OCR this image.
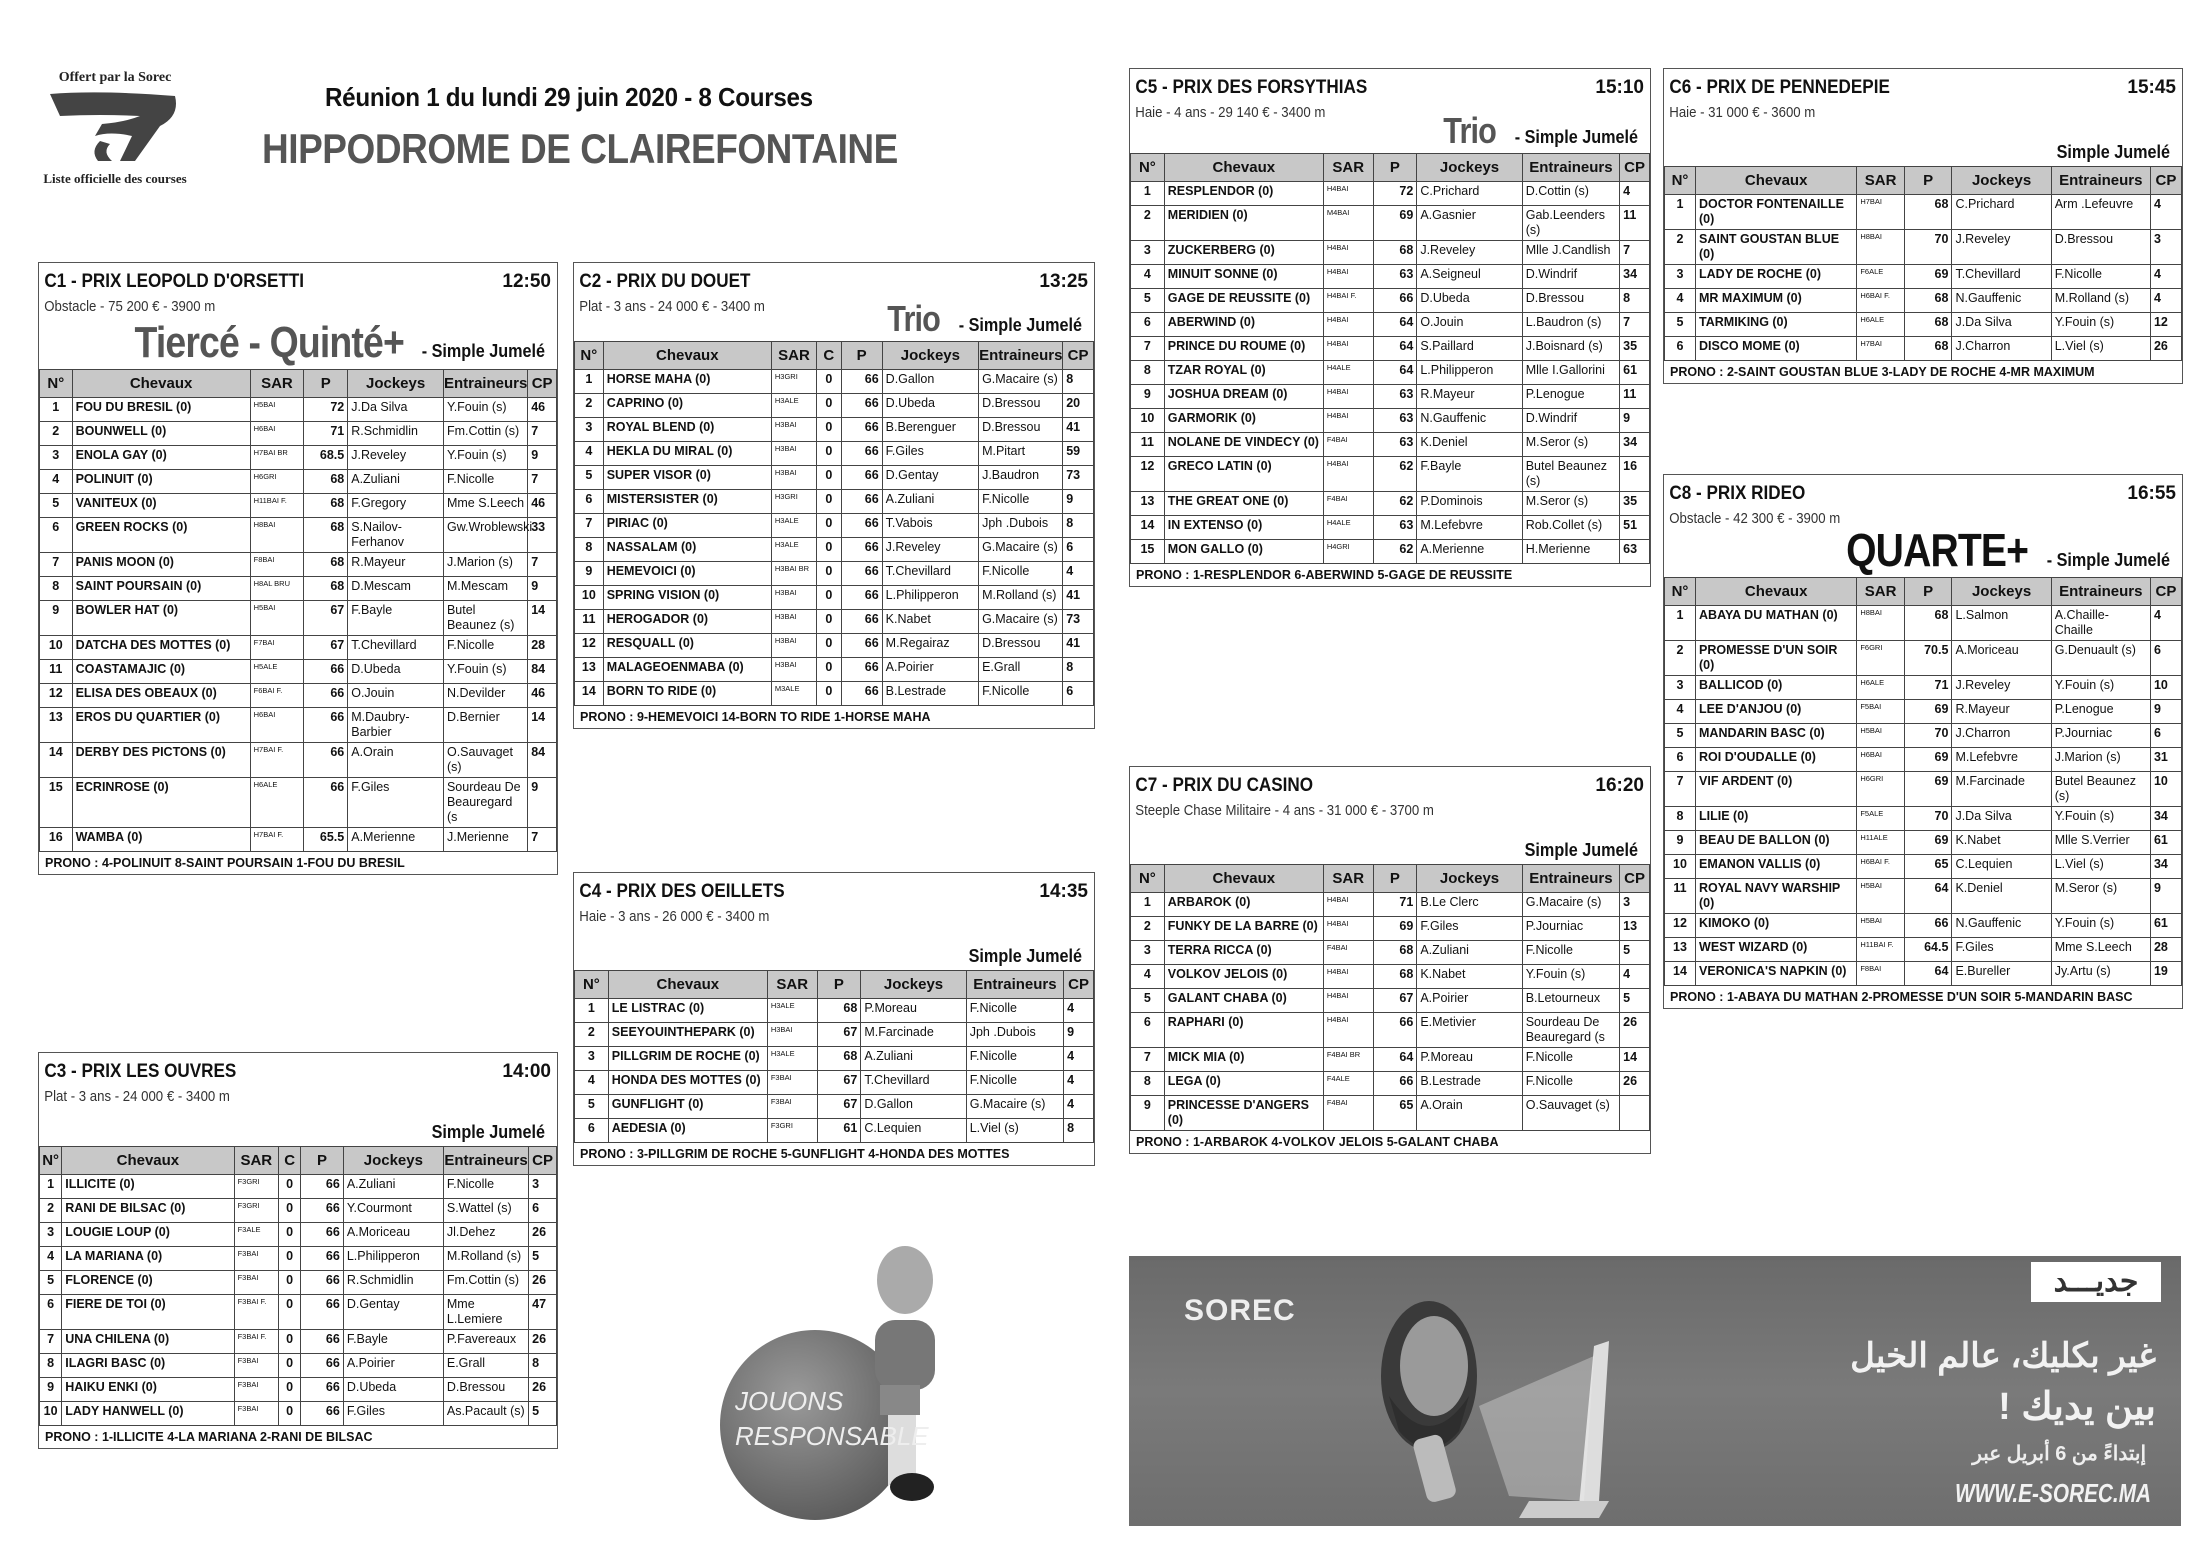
Offert par la Sorec
Liste officielle des courses
Réunion 1 du lundi 29 juin 2020 - 8 Courses
HIPPODROME DE CLAIREFONTAINE
C1 - PRIX LEOPOLD D'ORSETTI	12:50
Obstacle - 75 200 € - 3900 m
Tiercé - Quinté+ - Simple Jumelé
N°	Chevaux	SAR	P	Jockeys	Entraineurs	CP
1	FOU DU BRESIL (0)	H5BAI	72	J.Da Silva	Y.Fouin (s)	46
2	BOUNWELL (0)	H6BAI	71	R.Schmidlin	Fm.Cottin (s)	7
3	ENOLA GAY (0)	H7BAI BR	68.5	J.Reveley	Y.Fouin (s)	9
4	POLINUIT (0)	H6GRI	68	A.Zuliani	F.Nicolle	7
5	VANITEUX (0)	H11BAI F.	68	F.Gregory	Mme S.Leech	46
6	GREEN ROCKS (0)	H8BAI	68	S.Nailov-Ferhanov	Gw.Wroblewski	33
7	PANIS MOON (0)	F8BAI	68	R.Mayeur	J.Marion (s)	7
8	SAINT POURSAIN (0)	H8AL BRU	68	D.Mescam	M.Mescam	9
9	BOWLER HAT (0)	H5BAI	67	F.Bayle	Butel Beaunez (s)	14
10	DATCHA DES MOTTES (0)	F7BAI	67	T.Chevillard	F.Nicolle	28
11	COASTAMAJIC (0)	H5ALE	66	D.Ubeda	Y.Fouin (s)	84
12	ELISA DES OBEAUX (0)	F6BAI F.	66	O.Jouin	N.Devilder	46
13	EROS DU QUARTIER (0)	H6BAI	66	M.Daubry-Barbier	D.Bernier	14
14	DERBY DES PICTONS (0)	H7BAI F.	66	A.Orain	O.Sauvaget (s)	84
15	ECRINROSE (0)	H6ALE	66	F.Giles	Sourdeau De Beauregard (s	9
16	WAMBA (0)	H7BAI F.	65.5	A.Merienne	J.Merienne	7
PRONO : 4-POLINUIT 8-SAINT POURSAIN 1-FOU DU BRESIL
C2 - PRIX DU DOUET	13:25
Plat - 3 ans - 24 000 € - 3400 m	Trio - Simple Jumelé
N°	Chevaux	SAR	C	P	Jockeys	Entraineurs	CP
1	HORSE MAHA (0)	H3GRI	0	66	D.Gallon	G.Macaire (s)	8
2	CAPRINO (0)	H3ALE	0	66	D.Ubeda	D.Bressou	20
3	ROYAL BLEND (0)	H3BAI	0	66	B.Berenguer	D.Bressou	41
4	HEKLA DU MIRAL (0)	H3BAI	0	66	F.Giles	M.Pitart	59
5	SUPER VISOR (0)	H3BAI	0	66	D.Gentay	J.Baudron	73
6	MISTERSISTER (0)	H3GRI	0	66	A.Zuliani	F.Nicolle	9
7	PIRIAC (0)	H3ALE	0	66	T.Vabois	Jph .Dubois	8
8	NASSALAM (0)	H3ALE	0	66	J.Reveley	G.Macaire (s)	6
9	HEMEVOICI (0)	H3BAI BR	0	66	T.Chevillard	F.Nicolle	4
10	SPRING VISION (0)	H3BAI	0	66	L.Philipperon	M.Rolland (s)	41
11	HEROGADOR (0)	H3BAI	0	66	K.Nabet	G.Macaire (s)	73
12	RESQUALL (0)	H3BAI	0	66	M.Regairaz	D.Bressou	41
13	MALAGEOENMABA (0)	H3BAI	0	66	A.Poirier	E.Grall	8
14	BORN TO RIDE (0)	M3ALE	0	66	B.Lestrade	F.Nicolle	6
PRONO : 9-HEMEVOICI 14-BORN TO RIDE 1-HORSE MAHA
C3 - PRIX LES OUVRES	14:00
Plat - 3 ans - 24 000 € - 3400 m
Simple Jumelé
N°	Chevaux	SAR	C	P	Jockeys	Entraineurs	CP
1	ILLICITE (0)	F3GRI	0	66	A.Zuliani	F.Nicolle	3
2	RANI DE BILSAC (0)	F3GRI	0	66	Y.Courmont	S.Wattel (s)	6
3	LOUGIE LOUP (0)	F3ALE	0	66	A.Moriceau	Jl.Dehez	26
4	LA MARIANA (0)	F3BAI	0	66	L.Philipperon	M.Rolland (s)	5
5	FLORENCE (0)	F3BAI	0	66	R.Schmidlin	Fm.Cottin (s)	26
6	FIERE DE TOI (0)	F3BAI F.	0	66	D.Gentay	Mme L.Lemiere	47
7	UNA CHILENA (0)	F3BAI F.	0	66	F.Bayle	P.Favereaux	26
8	ILAGRI BASC (0)	F3BAI	0	66	A.Poirier	E.Grall	8
9	HAIKU ENKI (0)	F3BAI	0	66	D.Ubeda	D.Bressou	26
10	LADY HANWELL (0)	F3BAI	0	66	F.Giles	As.Pacault (s)	5
PRONO : 1-ILLICITE 4-LA MARIANA 2-RANI DE BILSAC
C4 - PRIX DES OEILLETS	14:35
Haie - 3 ans - 26 000 € - 3400 m
Simple Jumelé
N°	Chevaux	SAR	P	Jockeys	Entraineurs	CP
1	LE LISTRAC (0)	H3ALE	68	P.Moreau	F.Nicolle	4
2	SEEYOUINTHEPARK (0)	H3BAI	67	M.Farcinade	Jph .Dubois	9
3	PILLGRIM DE ROCHE (0)	H3ALE	68	A.Zuliani	F.Nicolle	4
4	HONDA DES MOTTES (0)	F3BAI	67	T.Chevillard	F.Nicolle	4
5	GUNFLIGHT (0)	F3BAI	67	D.Gallon	G.Macaire (s)	4
6	AEDESIA (0)	F3GRI	61	C.Lequien	L.Viel (s)	8
PRONO : 3-PILLGRIM DE ROCHE 5-GUNFLIGHT 4-HONDA DES MOTTES
C5 - PRIX DES FORSYTHIAS	15:10
Haie - 4 ans - 29 140 € - 3400 m	Trio - Simple Jumelé
N°	Chevaux	SAR	P	Jockeys	Entraineurs	CP
1	RESPLENDOR (0)	H4BAI	72	C.Prichard	D.Cottin (s)	4
2	MERIDIEN (0)	M4BAI	69	A.Gasnier	Gab.Leenders (s)	11
3	ZUCKERBERG (0)	H4BAI	68	J.Reveley	Mlle J.Candlish	7
4	MINUIT SONNE (0)	H4BAI	63	A.Seigneul	D.Windrif	34
5	GAGE DE REUSSITE (0)	H4BAI F.	66	D.Ubeda	D.Bressou	8
6	ABERWIND (0)	H4BAI	64	O.Jouin	L.Baudron (s)	7
7	PRINCE DU ROUME (0)	H4BAI	64	S.Paillard	J.Boisnard (s)	35
8	TZAR ROYAL (0)	H4ALE	64	L.Philipperon	Mlle I.Gallorini	61
9	JOSHUA DREAM (0)	H4BAI	63	R.Mayeur	P.Lenogue	11
10	GARMORIK (0)	H4BAI	63	N.Gauffenic	D.Windrif	9
11	NOLANE DE VINDECY (0)	F4BAI	63	K.Deniel	M.Seror (s)	34
12	GRECO LATIN (0)	H4BAI	62	F.Bayle	Butel Beaunez (s)	16
13	THE GREAT ONE (0)	F4BAI	62	P.Dominois	M.Seror (s)	35
14	IN EXTENSO (0)	H4ALE	63	M.Lefebvre	Rob.Collet (s)	51
15	MON GALLO (0)	H4GRI	62	A.Merienne	H.Merienne	63
PRONO : 1-RESPLENDOR 6-ABERWIND 5-GAGE DE REUSSITE
C6 - PRIX DE PENNEDEPIE	15:45
Haie - 31 000 € - 3600 m
Simple Jumelé
N°	Chevaux	SAR	P	Jockeys	Entraineurs	CP
1	DOCTOR FONTENAILLE (0)	H7BAI	68	C.Prichard	Arm .Lefeuvre	4
2	SAINT GOUSTAN BLUE (0)	H8BAI	70	J.Reveley	D.Bressou	3
3	LADY DE ROCHE (0)	F6ALE	69	T.Chevillard	F.Nicolle	4
4	MR MAXIMUM (0)	H6BAI F.	68	N.Gauffenic	M.Rolland (s)	4
5	TARMIKING (0)	H6ALE	68	J.Da Silva	Y.Fouin (s)	12
6	DISCO MOME (0)	H7BAI	68	J.Charron	L.Viel (s)	26
PRONO : 2-SAINT GOUSTAN BLUE 3-LADY DE ROCHE 4-MR MAXIMUM
C7 - PRIX DU CASINO	16:20
Steeple Chase Militaire - 4 ans - 31 000 € - 3700 m
Simple Jumelé
N°	Chevaux	SAR	P	Jockeys	Entraineurs	CP
1	ARBAROK (0)	H4BAI	71	B.Le Clerc	G.Macaire (s)	3
2	FUNKY DE LA BARRE (0)	H4BAI	69	F.Giles	P.Journiac	13
3	TERRA RICCA (0)	F4BAI	68	A.Zuliani	F.Nicolle	5
4	VOLKOV JELOIS (0)	H4BAI	68	K.Nabet	Y.Fouin (s)	4
5	GALANT CHABA (0)	H4BAI	67	A.Poirier	B.Letourneux	5
6	RAPHARI (0)	H4BAI	66	E.Metivier	Sourdeau De Beauregard (s	26
7	MICK MIA (0)	F4BAI BR	64	P.Moreau	F.Nicolle	14
8	LEGA (0)	F4ALE	66	B.Lestrade	F.Nicolle	26
9	PRINCESSE D'ANGERS (0)	F4BAI	65	A.Orain	O.Sauvaget (s)	
PRONO : 1-ARBAROK 4-VOLKOV JELOIS 5-GALANT CHABA
C8 - PRIX RIDEO	16:55
Obstacle - 42 300 € - 3900 m
QUARTE+ - Simple Jumelé
N°	Chevaux	SAR	P	Jockeys	Entraineurs	CP
1	ABAYA DU MATHAN (0)	H8BAI	68	L.Salmon	A.Chaille-Chaille	4
2	PROMESSE D'UN SOIR (0)	F6GRI	70.5	A.Moriceau	G.Denuault (s)	6
3	BALLICOD (0)	H6ALE	71	J.Reveley	Y.Fouin (s)	10
4	LEE D'ANJOU (0)	F5BAI	69	R.Mayeur	P.Lenogue	9
5	MANDARIN BASC (0)	H5BAI	70	J.Charron	P.Journiac	6
6	ROI D'OUDALLE (0)	H6BAI	69	M.Lefebvre	J.Marion (s)	31
7	VIF ARDENT (0)	H6GRI	69	M.Farcinade	Butel Beaunez (s)	10
8	LILIE (0)	F5ALE	70	J.Da Silva	Y.Fouin (s)	34
9	BEAU DE BALLON (0)	H11ALE	69	K.Nabet	Mlle S.Verrier	61
10	EMANON VALLIS (0)	H6BAI F.	65	C.Lequien	L.Viel (s)	34
11	ROYAL NAVY WARSHIP (0)	H5BAI	64	K.Deniel	M.Seror (s)	9
12	KIMOKO (0)	H5BAI	66	N.Gauffenic	Y.Fouin (s)	61
13	WEST WIZARD (0)	H11BAI F.	64.5	F.Giles	Mme S.Leech	28
14	VERONICA'S NAPKIN (0)	F8BAI	64	E.Bureller	Jy.Artu (s)	19
PRONO : 1-ABAYA DU MATHAN 2-PROMESSE D'UN SOIR 5-MANDARIN BASC
JOUONS
RESPONSABLE
SOREC
جديـــد
غير بكليك، عالم الخيل
بين يديك !
إبتداءً من 6 أبريل عبر
WWW.E-SOREC.MA
